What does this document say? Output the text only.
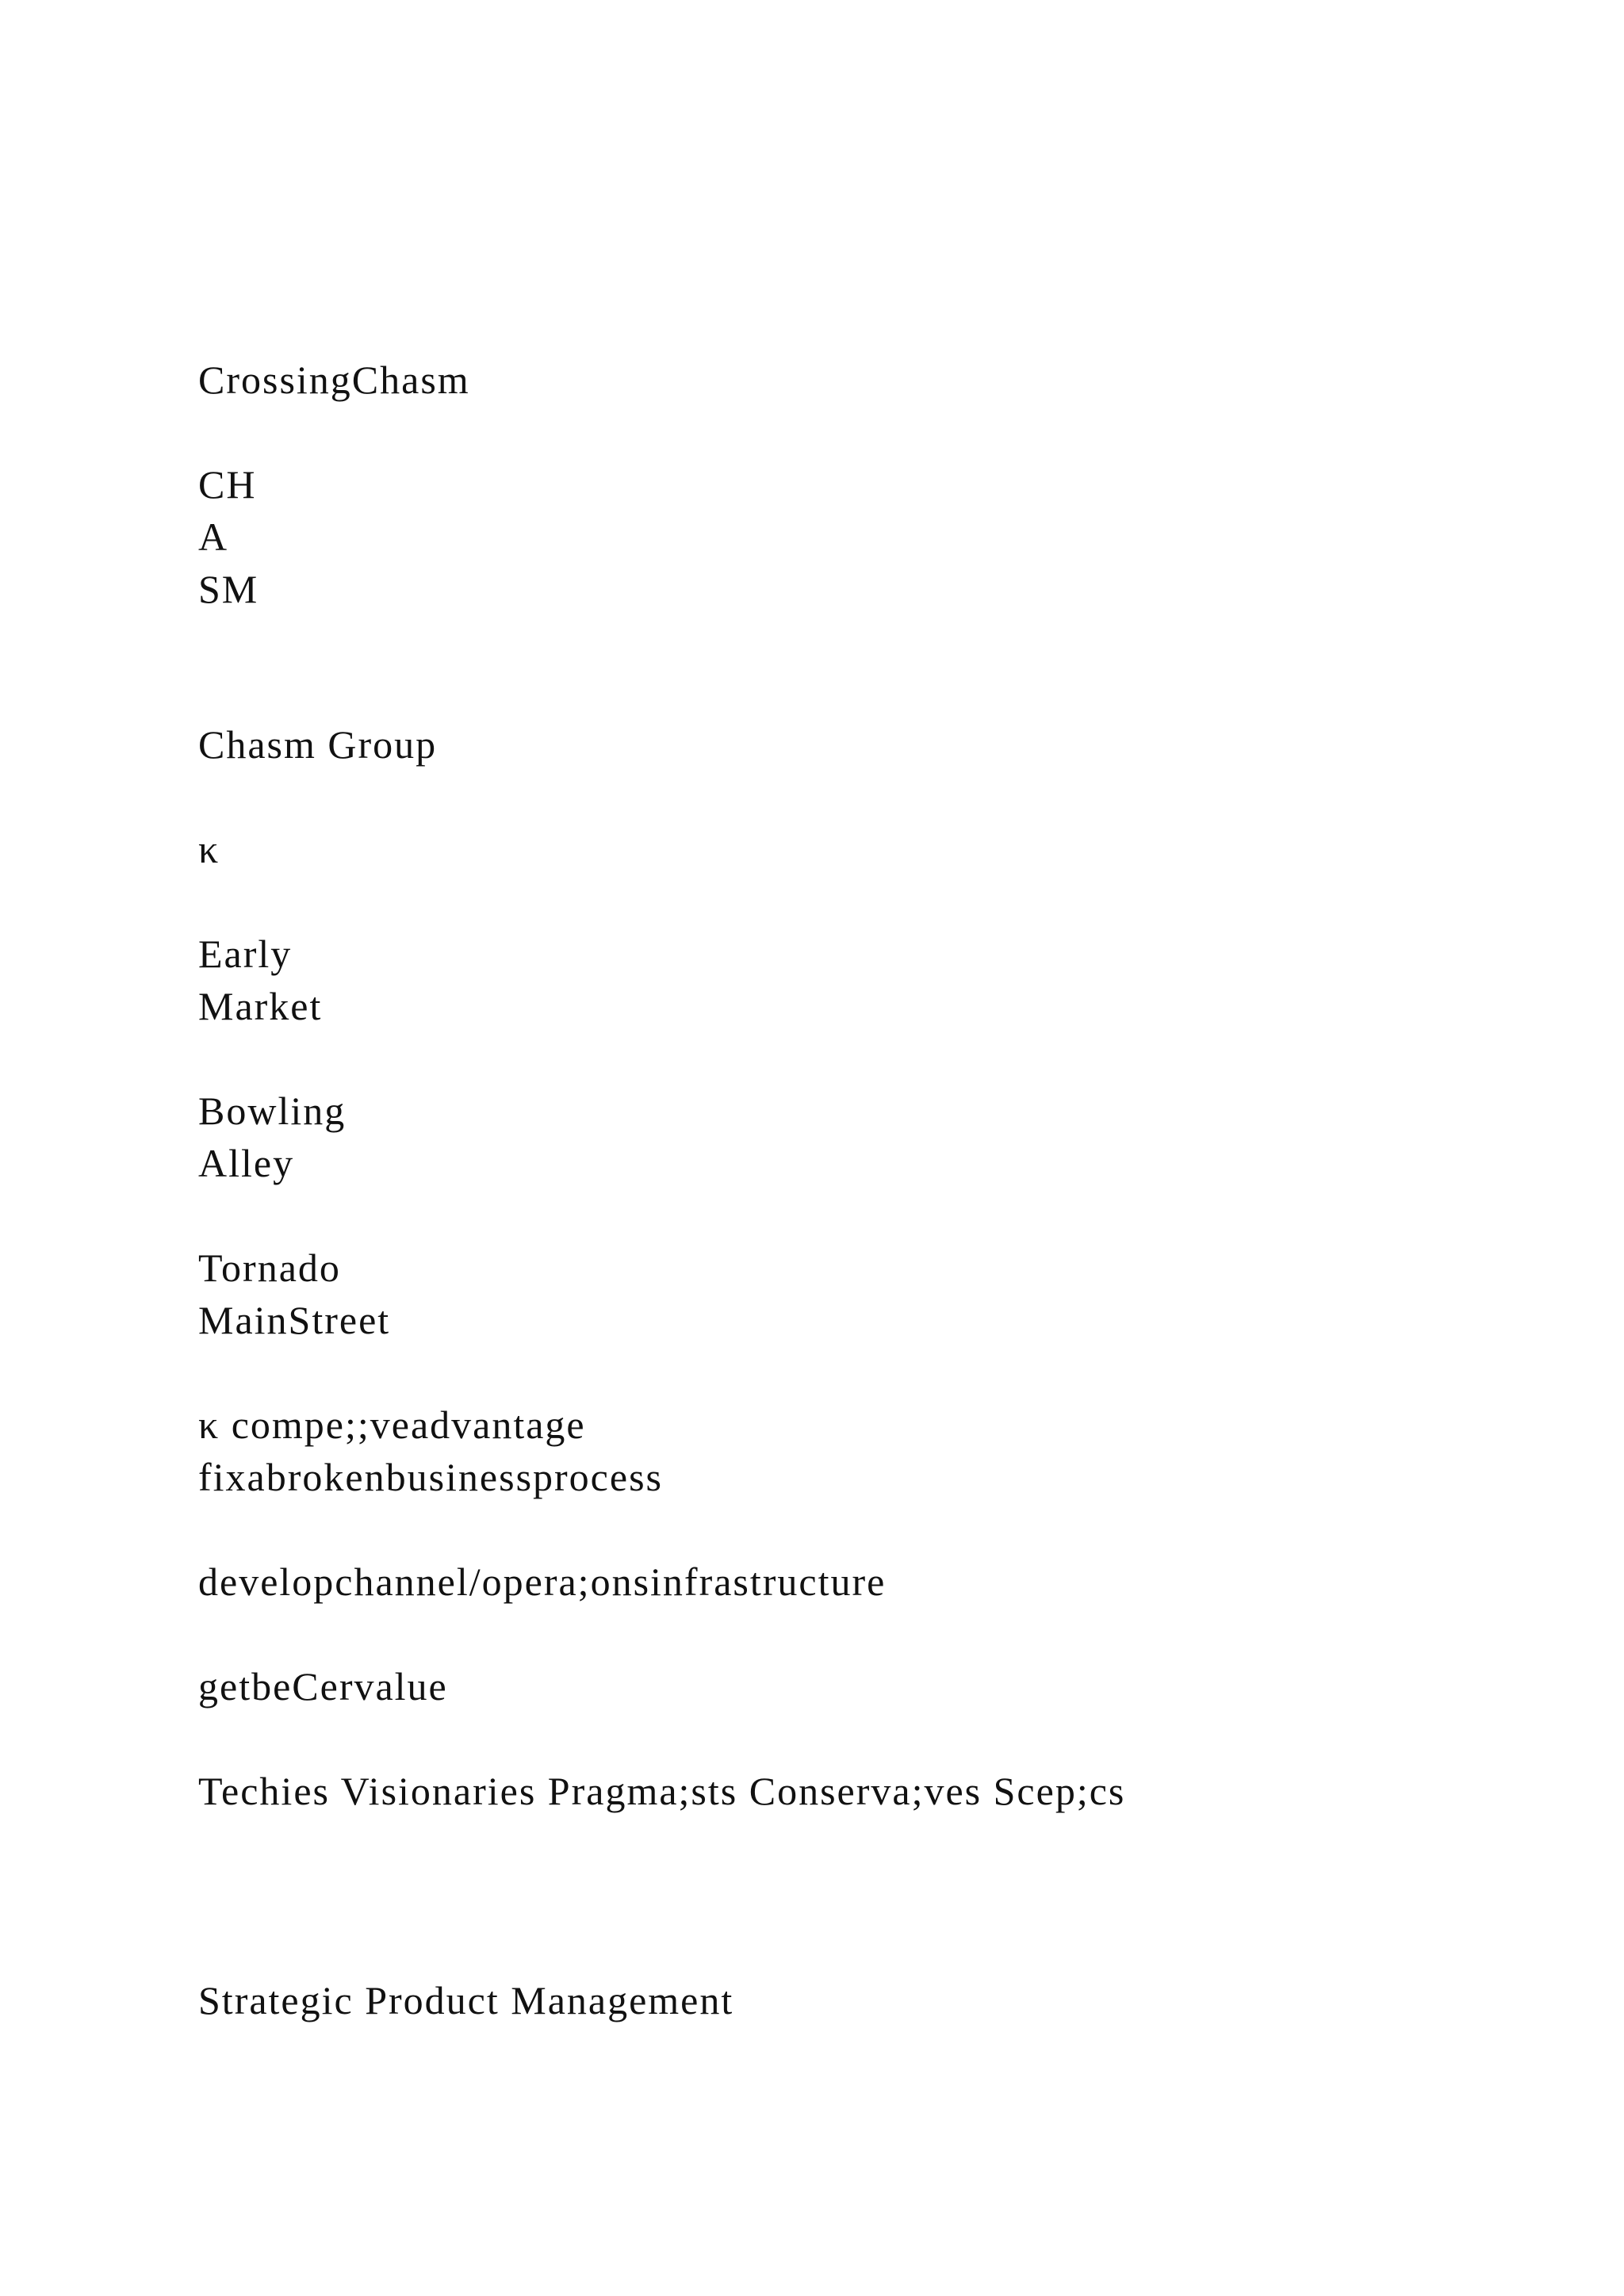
CrossingChasm
CH
A
SM
Chasm Group
κ
Early
Market
Bowling
Alley
Tornado
MainStreet
κ compe;;veadvantage
fixabrokenbusinessprocess
developchannel/opera;onsinfrastructure
getbeCervalue
Techies Visionaries Pragma;sts Conserva;ves Scep;cs
Strategic Product Management
